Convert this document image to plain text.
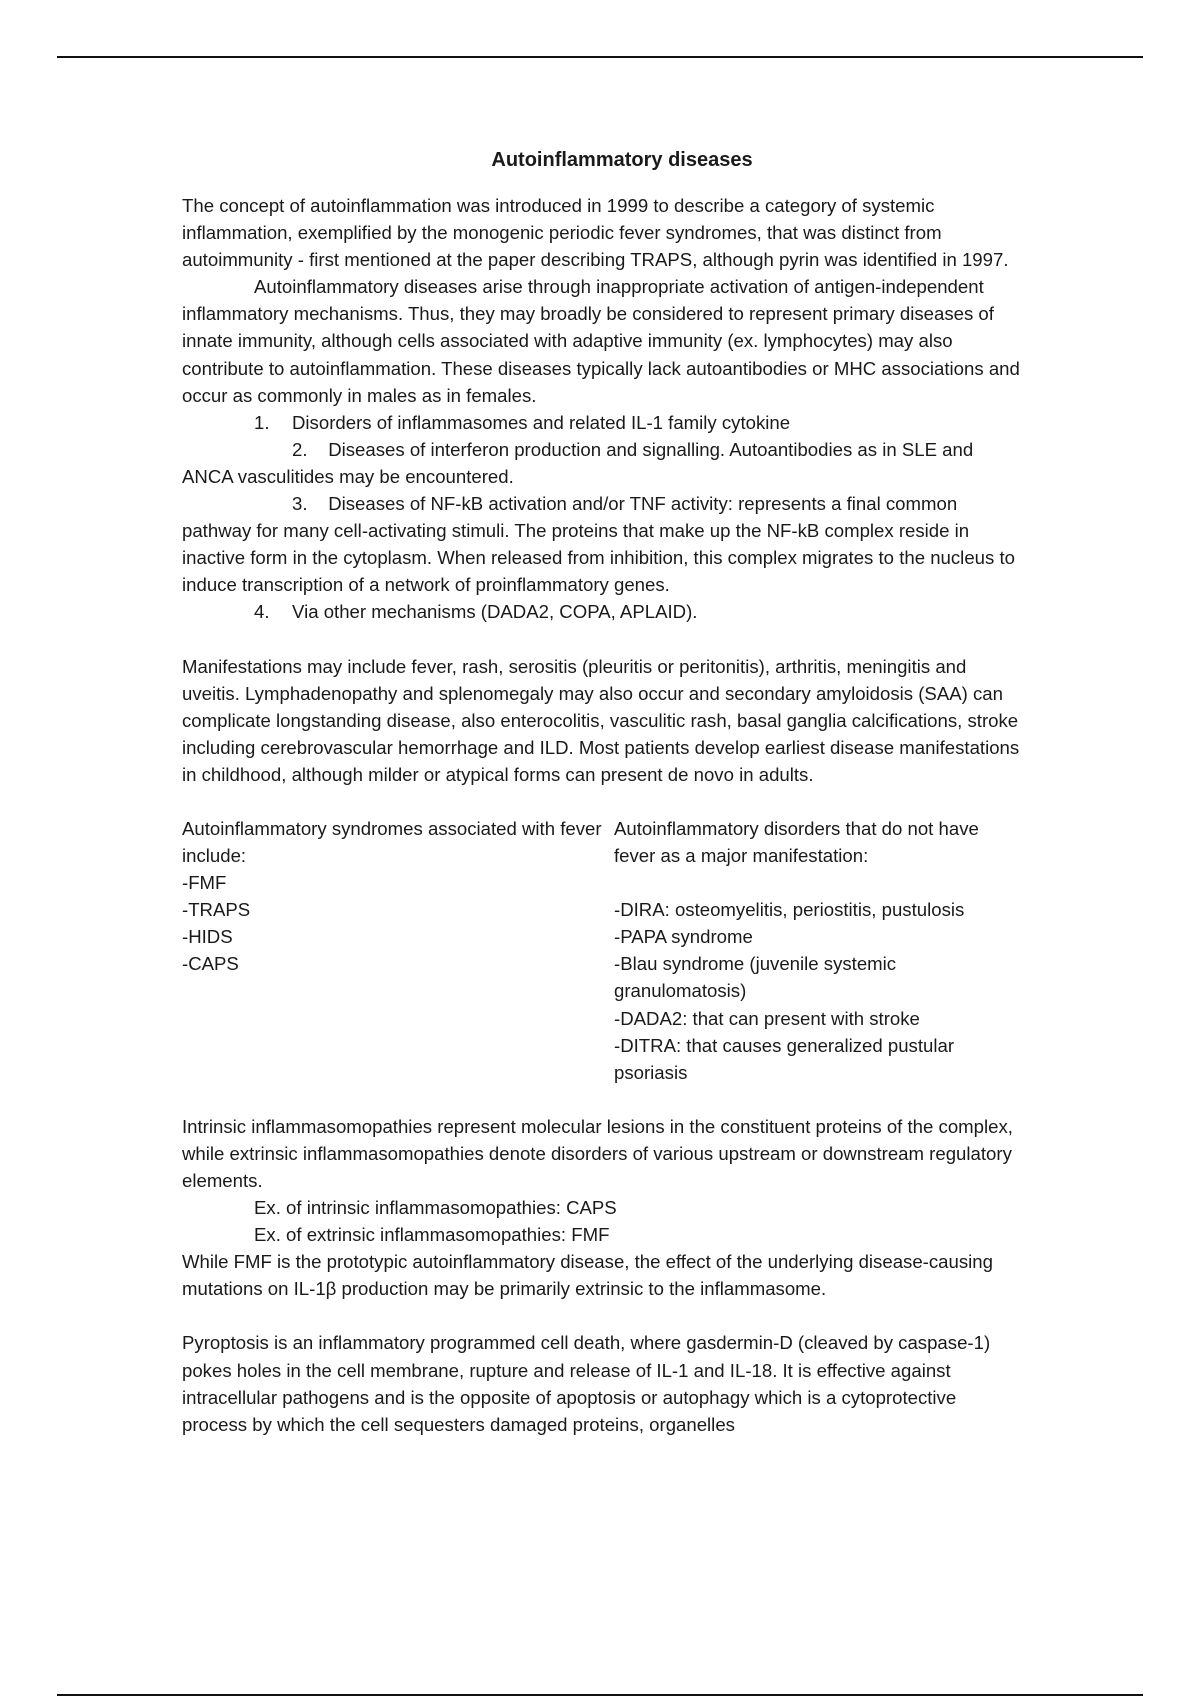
Autoinflammatory diseases

The concept of autoinflammation was introduced in 1999 to describe a category of systemic inflammation, exemplified by the monogenic periodic fever syndromes, that was distinct from autoimmunity - first mentioned at the paper describing TRAPS, although pyrin was identified in 1997.

Autoinflammatory diseases arise through inappropriate activation of antigen-independent inflammatory mechanisms. Thus, they may broadly be considered to represent primary diseases of innate immunity, although cells associated with adaptive immunity (ex. lymphocytes) may also contribute to autoinflammation. These diseases typically lack autoantibodies or MHC associations and occur as commonly in males as in females.

1. Disorders of inflammasomes and related IL-1 family cytokine
2. Diseases of interferon production and signalling. Autoantibodies as in SLE and ANCA vasculitides may be encountered.
3. Diseases of NF-kB activation and/or TNF activity: represents a final common pathway for many cell-activating stimuli. The proteins that make up the NF-kB complex reside in inactive form in the cytoplasm. When released from inhibition, this complex migrates to the nucleus to induce transcription of a network of proinflammatory genes.
4. Via other mechanisms (DADA2, COPA, APLAID).

Manifestations may include fever, rash, serositis (pleuritis or peritonitis), arthritis, meningitis and uveitis. Lymphadenopathy and splenomegaly may also occur and secondary amyloidosis (SAA) can complicate longstanding disease, also enterocolitis, vasculitic rash, basal ganglia calcifications, stroke including cerebrovascular hemorrhage and ILD. Most patients develop earliest disease manifestations in childhood, although milder or atypical forms can present de novo in adults.

Autoinflammatory syndromes associated with fever include:
-FMF
-TRAPS
-HIDS
-CAPS
Autoinflammatory disorders that do not have fever as a major manifestation:
-DIRA: osteomyelitis, periostitis, pustulosis
-PAPA syndrome
-Blau syndrome (juvenile systemic granulomatosis)
-DADA2: that can present with stroke
-DITRA: that causes generalized pustular psoriasis

Intrinsic inflammasomopathies represent molecular lesions in the constituent proteins of the complex, while extrinsic inflammasomopathies denote disorders of various upstream or downstream regulatory elements.

Ex. of intrinsic inflammasomopathies: CAPS

Ex. of extrinsic inflammasomopathies: FMF

While FMF is the prototypic autoinflammatory disease, the effect of the underlying disease-causing mutations on IL-1β production may be primarily extrinsic to the inflammasome.

Pyroptosis is an inflammatory programmed cell death, where gasdermin-D (cleaved by caspase-1) pokes holes in the cell membrane, rupture and release of IL-1 and IL-18. It is effective against intracellular pathogens and is the opposite of apoptosis or autophagy which is a cytoprotective process by which the cell sequesters damaged proteins, organelles
